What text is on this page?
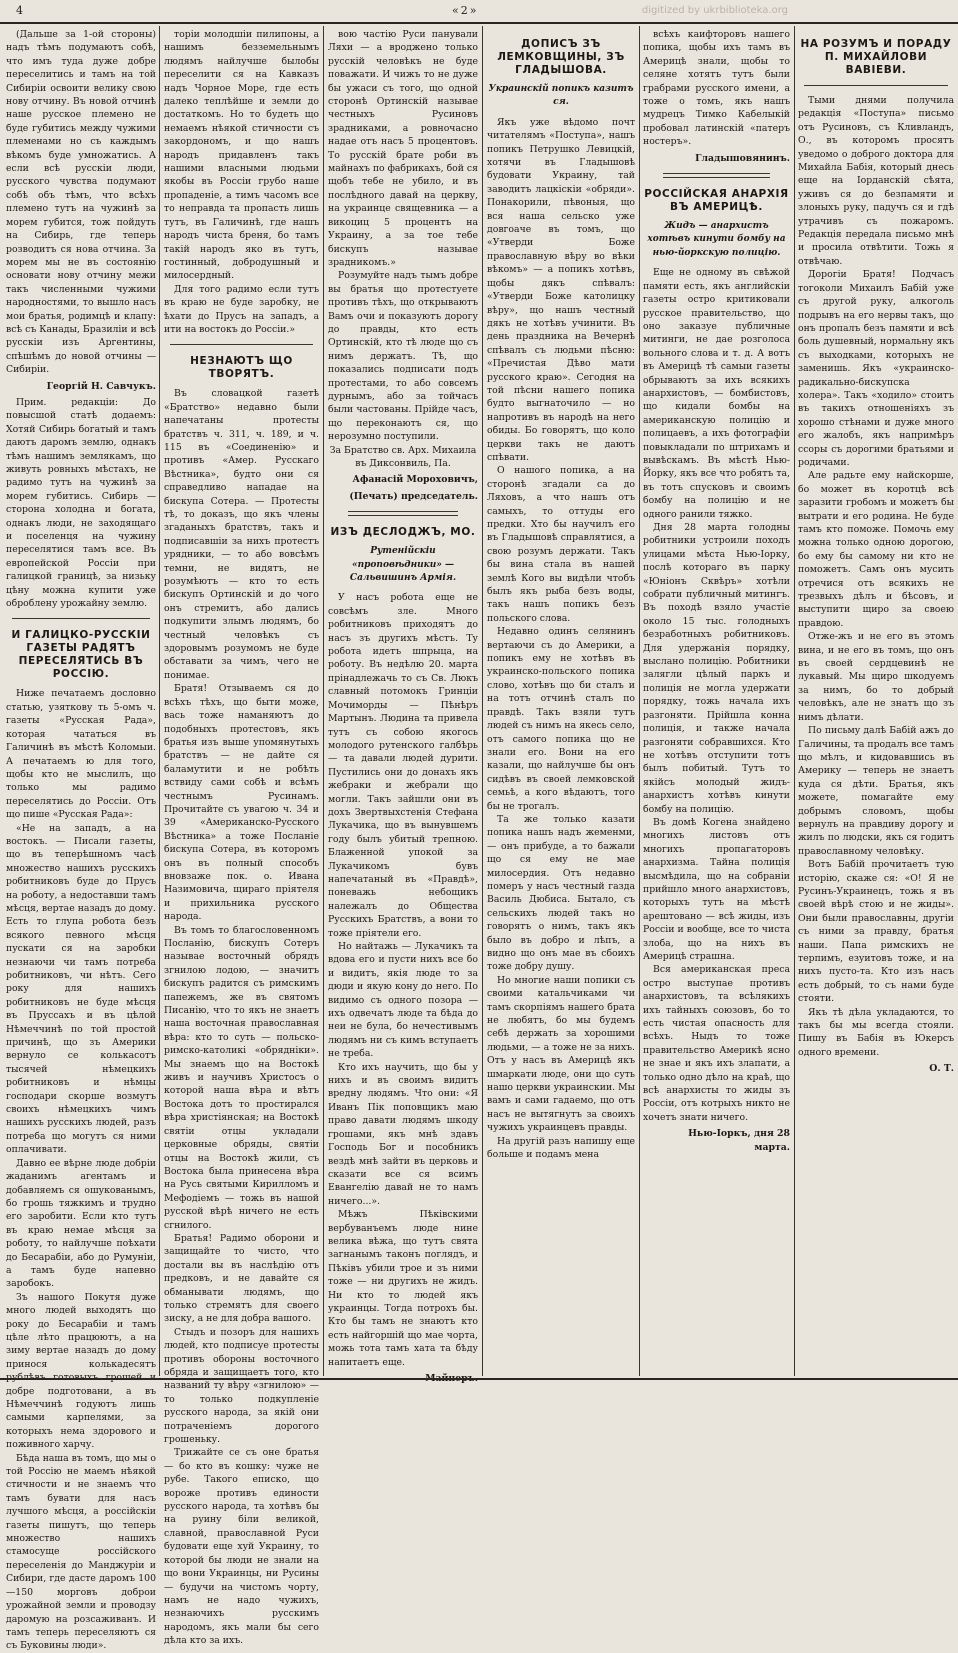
4	«2»	digitized by ukrbiblioteka.org

(Дальше за 1-ой стороны) надъ тѣмъ подумаютъ собѣ, что имъ туда дуже добре переселитись и тамъ на той Сибирiи освоити велику свою нову отчину. Въ новой отчинѣ наше русское племено не буде губитись между чужими племенами но съ каждымъ вѣкомъ буде умножатись. А если всѣ русскiи люди, русского чувства подумают собѣ объ тѣмъ, что всѣхъ племено тутъ на чужинѣ за морем губится, тож пойдуть на Сибирь, где теперь розводитъ ся нова отчина. За морем мы не въ состоянiю основати нову отчину межи такъ численными чужими народностями, то вышло насъ мои братья, родимцѣ и клапу: всѣ съ Канады, Бразилiи и всѣ русскiи изъ Аргентины, спѣшѣмъ до новой отчины — Сибирiи.

Георгiй Н. Савчукъ.

Прим. редакцiи: До повысшой статѣ додаемъ: Хотяй Сибирь богатый и тамъ даютъ даромъ землю, однакъ тѣмъ нашимъ землякамъ, що живуть ровныхъ мѣстахъ, не радимо тутъ на чужинѣ за морем губитись. Сибирь — сторона холодна и богата, однакъ люди, не заходящаго и поселенця на чужину переселятися тамъ все. Въ европейской Россiи при галицкой границѣ, за низьку цѣну можна купити уже оброблену урожайну землю.

И ГАЛИЦКО-РУССКIИ ГАЗЕТЫ РАДЯТЪ ПЕРЕСЕЛЯТИСЬ ВЪ РОССIЮ.

Ниже печатаемъ дословно статью, узяткову ть 5-омъ ч. газеты «Русская Рада», которая чататься въ Галичинѣ въ мѣстѣ Коломыи. А печатаемъ ю для того, щобы кто не мыслилъ, що только мы радимо переселятись до Россiи. Отъ що пише «Русская Рада»:

«Не на западъ, а на востокъ. — Писали газеты, що въ теперѣшномъ часѣ множество нашихъ русскихъ робитниковъ буде до Прусъ на роботу, а недоставши тамъ мѣсця, вертае назадъ до дому. Есть то глупа робота безъ всякого певного мѣсця пускати ся на заробки незнаючи чи тамъ потреба робитниковъ, чи нѣтъ. Сего року для нашихъ робитниковъ не буде мѣсця въ Пруссахъ и въ цѣлой Нѣмеччинѣ по той простой причинѣ, що зъ Америки вернуло се колькасотъ тысячей нѣмецкихъ робитниковъ и нѣмцы господари скорше возмутъ своихъ нѣмецкихъ чимъ нашихъ русскихъ людей, разъ потреба що могутъ ся ними оплачивати.

Давно ее вѣрне люде добрiи жаданимъ агентамъ и добавляемъ ся ошукованымъ, бо грошь тяжкимъ и трудно его заробити. Если кто тутъ въ краю немае мѣсця за роботу, то найлучше поѣхати до Бесарабiи, або до Румунiи, а тамъ буде напевно заробокъ.

Зъ нашого Покутя дуже много людей выходятъ що року до Бесарабiи и тамъ цѣле лѣто працюютъ, а на зиму вертае назадъ до дому принося колькадесятъ добре подготовани, а въ Нѣмеччинѣ годуютъ лишь самыми карпелями, за которыхъ нема здорового и поживного харчу.

Бѣда наша въ томъ, що мы о той Россiю не маемъ нѣякой стичности и не знаемъ что тамъ бувати для насъ лучшого мѣсця, а россiйскiи газеты пишутъ, що теперь множество нашихъ стамосуще россiйского переселенiя до Манджурiи и Сибири, где дасте даромъ 100—150 морговъ доброи урожайной земли и проводзу даромую на розсаживанъ. И тамъ теперь переселяютъ ся съ Буковины люди».

торiи молодшiи пилипоны, а нашимъ безземельнымъ людямъ найлучше былобы переселити ся на Кавказъ надъ Чорное Море, где есть далеко теплѣйше и земли до достаткомъ. Но то будеть що немаемъ нѣякой стичности съ закордономъ, и що нашъ народъ придавленъ такъ нашими власными людьми якобы въ Россiи грубо наше пропаденiе, а тимъ часомъ все то неправда та пропасть лишь тутъ, въ Галичинѣ, где нашъ народъ чиста бреня, бо тамъ такiй народъ яко въ тутъ, гостинный, добродушный и милосердный.

Для того радимо если тутъ въ краю не буде заробку, не ѣхати до Прусъ на западъ, а ити на востокъ до Россiи.»

НЕЗНАЮТЪ ЩО ТВОРЯТЪ.

Въ словацкой газетѣ «Братство» недавно были напечатаны протесты братствъ ч. 311, ч. 189, и ч. 115 въ «Соединенiю» и противъ «Амер. Русскаго Вѣстника», будто они ся справедливо нападае на биcкупа Сотера. — Протесты тѣ, то доказъ, що якъ члены згаданыхъ братствъ, такъ и подписавшiи за нихъ протестъ урядники, — то або вовсѣмъ темни, не видятъ, не розумѣютъ — кто то есть биcкупъ Ортинскiй и до чого онъ стремитъ, або дались подкупити злымъ людямъ, бо честный человѣкъ съ здоровымъ розумомъ не буде обставати за чимъ, чего не понимае.

Братя! Отзываемъ ся до всѣхъ тѣхъ, що быти може, вась тоже наманяютъ до подобныхъ протестовъ, якъ братья изъ выше упомянутыхъ братствъ — не дайте ся баламутити и не робѣть вствиду сами собѣ и всѣмъ честнымъ Русинамъ. Прочитайте съ увагою ч. 34 и 39 «Американско-Русского Вѣстника» а тоже Посланiе биcкупа Сотера, въ которомъ онъ въ полный способъ вновзаже пок. о. Ивана Назимовича, щираго прiятеля и прихильника русского народа.

Въ томъ то благословенномъ Посланiю, биcкупъ Сотеръ называе восточный обрядъ згнилою лодою, — значитъ биcкупъ радится съ римскимъ папежемъ, же въ святомъ Писанiю, что то якъ не знаетъ наша восточная православная вѣра: кто то суть — польско-римско-католикi «обряднiки». Мы знаемъ що на Востокѣ живъ и научивъ Христосъ о которой наша вѣра и вѣтъ Востока дотъ то простирался вѣра христiянская; на Востокѣ святiи отцы укладали церковные обряды, святiи отцы на Востокѣ жили, съ Востока была принесена вѣра на Русь святыми Кирилломъ и Мефодiемъ — тожь въ нашой русской вѣрѣ ничего не есть сгнилого.

Братья! Радимо оборони и защищайте то чисто, что достали вы въ наслѣдiю отъ предковъ, и не давайте ся обманывати людямъ, що только стремятъ для своего зиску, а не для добра вашого.

Стыдъ и позоръ для нашихъ людей, кто подписуе протесты противъ обороны восточного обряда и защищаетъ того, кто названий ту вѣру «згнилою» — то только подкупленiе русского народа, за якiй они потраченiемъ дорогого грошеньку.

Трижайте се съ оне братья — бо кто въ кошку: чуже не рубе. Такого еписко, що вороже противъ единости русского народа, та хотѣвъ бы на руину бiли великой, славной, православной Руси будовати еще хуй Украину, то которой бы люди не знали на що вони Украинцы, ни Русины — будучи на чистомъ чорту, намъ не надо чужихъ, незнаючихъ русскимъ народомъ, якъ мали бы сего дѣла кто за ихъ.

вою частiю Руси панували Ляхи — а вроджено только русскiй человѣкъ не буде поважати. И чижъ то не дуже бы ужаси съ того, що одной сторонѣ Ортинскiй называе честныхъ Русиновъ зрадниками, а ровночасно надае отъ насъ 5 процентовъ. То русскiй брате роби въ майнахъ по фабрикахъ, бой ся щобъ тебе не убило, и въ послѣдного давай на церкву, на украинце свящевника — а викоциц 5 процентъ на Украину, а за тое тебе биcкупъ называе зрадникомъ.»

Розумуйте надъ тымъ добре вы братья що протестуете противъ тѣхъ, що открываютъ Вамъ очи и показуютъ дорогу до правды, кто есть Ортинскiй, кто тѣ люде що съ нимъ держатъ. Тѣ, що показались подписати подъ протестами, то або совсемъ дурнымъ, або за тойчасъ были частованы. Прiйде часъ, що переконаютъ ся, що нерозумно поступили.

За Братство св. Арх. Михаила въ Диксонвиль, Па.

Афанасiй Мороховичъ,

(Печать) председатель.

ИЗЪ ДЕСЛОДЖЪ, МО.
Рутенiйскiи «проповѣдники» — Сальвишинъ Армiя.

У насъ робота еще не совсѣмъ зле. Много робитниковъ приходятъ до насъ зъ другихъ мѣстъ. Ту робота идетъ шпрыца, на роботу. Въ недѣлю 20. марта прiнадлежачь то съ Св. Люкъ славный потомокъ Гринцiи Мочиморды — Пѣнѣръ Мартынъ. Людина та привела тутъ съ собою якогось молодого рутенского галбѣрь — та давали людей дурити. Пустились они до донахъ якъ жебраки и жебрали що могли. Такъ зайшли они въ дохъ Звертвыхстенiя Стефана Лукачика, що въ вынувшемъ году былъ убитый трепною. Блаженной упокой за Лукачикомъ бувъ напечатаный въ «Правдѣ», поневажь небощикъ належалъ до Общества Русскихъ Братствъ, а вони то тоже прiятели его.

Но найтажь — Лукачикъ та вдова его и пусти нихъ все бо и видитъ, якiя люде то за дюди и якую кону до него. По видимо съ одного позора — ихъ одвечатъ люде та бѣда до неи не була, бо нечестивымъ людямъ ни съ кимъ вступаетъ не треба.

Кто ихъ научить, що бы у нихъ и въ своимъ видитъ вредну людямъ. Что они: «Я Иванъ Пiк поповщикъ маю право давати людямъ шкоду грошами, якъ мнѣ здавъ Господь Бог и пособникъ вездѣ мнѣ зайти въ церковь и сказати все ся всимъ Евангелiю давай не то намъ ничего...».

Мѣжъ Пѣкiвскими вербуванъемъ люде нине велика вѣжа, що тутъ свята загнанымъ таконъ поглядъ, и Пѣкiвъ убили трое и зъ ними тоже — ни другихъ не жидъ. Ни кто то людей якъ украинцы. Тогда потрохъ бы. Кто бы тамъ не знаютъ кто есть найгоршій що мае чорта, можь тота тамъ хата та бѣду напитаетъ еще.

ДОПИСЪ ЗЪ ЛЕМКОВЩИНЫ, ЗЪ ГЛАДЫШОВА.
Украинскiй попикъ казитъ ся.

Якъ уже вѣдомо почт читателямъ «Поступа», нашъ попикъ Петрушко Левицкiй, хотячи въ Гладышовѣ будовати Украину, тай заводитъ лацкiскiи «обряди». Понакорили, пѣвоныя, що вся наша сельско уже довгоаче въ томъ, що «Утверди Боже православную вѣру во вѣки вѣкомъ» — а попикъ хотѣвъ, щобы дякъ спѣвалъ: «Утверди Боже католицку вѣру», що нашъ честный дякъ не хотѣвъ учинити. Въ день праздника на Вечернѣ спѣвалъ съ людьми пѣсню: «Пречистая Дѣво мати русского краю». Сегодня на той пѣсни нашего попика будто выгнаточило — но напротивъ въ народѣ на него обиды. Бо говорятъ, що коло церкви такъ не даютъ спѣвати.

О нашого попика, а на сторонѣ згадали са до Ляховъ, а что нашъ отъ самыхъ, то оттуды его предки. Хто бы научилъ его въ Гладышовѣ справлятися, а свою розумъ держати. Такъ бы вина стала въ нашей землѣ Кого вы видѣли чтобъ былъ якъ рыба безъ воды, такъ нашъ попикъ безъ польского слова.

Недавно одинъ селянинъ вертаючи съ до Америки, а попикъ ему не хотѣвъ въ украинско-польского попика слово, хотѣвъ що би сталъ и на тотъ отчинѣ сталъ по правдѣ. Такъ взяли тутъ людей съ нимъ на якесь село, отъ самого попика що не знали его. Вони на его казали, що найлучше бы онъ сидѣвъ въ своей лемковской семьѣ, а кого вѣдаютъ, того бы не трогалъ.

Та же только казати попика нашъ надъ жеменми, — онъ прибуде, а то бажали що ся ему не мае милосердия. Отъ недавно померъ у насъ честный газда Василь Дюбиса. Бытало, съ сельскихъ людей такъ но говорятъ о нимъ, такъ якъ было въ добро и лѣпъ, а видно що онъ мае въ сбоихъ тоже добру душу.

Но многие наши попики съ своими катальчиками чи тамъ скорпiямъ нашего брата не любятъ, бо мы будемъ себѣ держать за хорошими людьми, — а тоже не за нихъ. Отъ у насъ въ Америцѣ якъ шмаркати люде, они що суть нашо церкви украинскии. Мы вамъ и сами гадаемо, що отъ насъ не вытягнутъ за своихъ чужихъ украинцевъ правды.

На другiй разъ напишу еще больше и подамъ мена

всѣхъ каифторовъ нашего попика, щобы ихъ тамъ въ Америцѣ знали, щобы то селяне хотятъ тутъ были грабрами русского имени, а тоже о томъ, якъ нашъ мудрецъ Тимко Кабелыкiй пробовал латинскiй «патеръ ностеръ».

Гладышовянинъ.

РОССIЙСКАЯ АНАРХIЯ ВЪ АМЕРИЦѢ.
Жидъ — анархистъ хотѣвъ кинути бомбу на нью-йоркскую полицiю.

Еще не одному въ свѣжой памяти есть, якъ английскiи газеты остро критиковали русское правительство, що оно заказуе публичные митинги, не дае розголоса вольного слова и т. д. А вотъ въ Америцѣ тѣ самыи газеты обрываютъ за ихъ всякихъ анархистовъ, — бомбистовъ, що кидали бомбы на американскую полицiю и полицаевъ, а ихъ фотографiи повыкладали по штрихамъ и вывѣскамъ. Въ мѣстѣ Нью-Йорку, якъ все что робятъ та, въ тотъ спусковъ и своимъ бомбу на полицiю и не одного ранили тяжко.

Дня 28 марта голодны робитники устроили походъ улицами мѣста Нью-Іорку, послѣ котораго въ парку «Юнiонъ Сквѣръ» хотѣли собрати публичный митингъ. Въ походѣ взяло участiе около 15 тыс. голодныхъ безработныхъ робитниковъ. Для удержанiя порядку, выслано полицiю. Робитники залягли цѣлый паркъ и полицiя не могла удержати порядку, тожь начала ихъ разгоняти. Прiйшла конна полицiя, и также начала разгоняти собравшихся. Кто не хотѣвъ отступити тотъ былъ побитый. Тутъ то якiйсъ молодый жидъ-анархистъ хотѣвъ кинути бомбу на полицiю.

Въ домѣ Когена знайдено многихъ листовъ отъ многихъ пропагаторовъ анархизма. Тайна полицiя высмѣдила, що на собранiи прийшло много анархистовъ, которыхъ тутъ на мѣстѣ арештовано — всѣ жиды, изъ Россiи и вообще, все то чиста злоба, що на нихъ въ Америцѣ страшна.

Вся американская преса остро выступае противъ анархистовъ, та всѣлякихъ ихъ тайныхъ союзовъ, бо то есть чистая опасность для всѣхъ. Ныдъ то тоже правительство Америкѣ ясно не знае и якъ ихъ злапати, а только одно дѣло на краѣ, що всѣ анархисты то жиды зъ Россiи, отъ котрыхъ никто не хочетъ знати ничего.

Нью-Іоркъ, дня 28 марта.

НА РОЗУМЪ И ПОРАДУ П. МИХАЙЛОВИ ВАВIЕВИ.

Тыми днями получила редакцiя «Поступа» письмо отъ Русиновъ, съ Кливландъ, О., въ которомъ просятъ уведомо о доброго доктора для Михайла Бабiя, который днесь еще на Iорданскiй сѣята, уживъ ся до безпамяти и злоныхъ руку, падучъ ся и гдѣ утрачивъ съ пожаромъ. Редакцiя передала письмо мнѣ и просила отвѣтити. Тожь я отвѣчаю.

Дорогiи Братя! Подчасъ тогоколи Михаилъ Бабiй уже съ другой руку, алкоголь подрывъ на его нервы такъ, що онъ пропалъ безъ памяти и всѣ боль душевный, нормальну якъ съ выходками, которыхъ не заменишь. Якъ «украинско-радикально-биcкупска холера». Такъ «ходило» стоитъ въ такихъ отношенiяхъ зъ хорошо стѣнами и дуже много его жалобъ, якъ напримѣръ ссоры съ дорогими братьями и родичами.

Але радьте ему найскорше, бо может въ коротцѣ всѣ заразити гробомъ и можетъ бы вытрати и его родина. Не буде тамъ кто поможе. Помочь ему можна только одною дорогою, бо ему бы самому ни кто не поможетъ. Самъ онъ мусить отречися отъ всякихъ не трезвыхъ дѣлъ и бѣсовъ, и выступити щиро за своею правдою.

Отже-жъ и не его въ этомъ вина, и не его въ томъ, що онъ въ своей сердцевинѣ не лукавый. Мы щиро шкодуемъ за нимъ, бо то добрый человѣкъ, але не знатъ що зъ нимъ дѣлати.

По письму далѣ Бабiй ажъ до Галичины, та продалъ все тамъ що мѣлъ, и кидовавшись въ Америку — теперь не знаетъ куда ся дѣти. Братья, якъ можете, помагайте ему добрымъ словомъ, щобы вернулъ на правдиву дорогу и жилъ по людски, якъ ся годитъ православному человѣку.

Вотъ Бабiй прочитаетъ тую исторiю, скаже ся: «О! Я не Русинъ-Украинецъ, тожь я въ своей вѣрѣ стою и не жиды». Они были православны, другiи съ ними за правду, братья наши. Папа римскихъ не терпимъ, езуитовъ тоже, и на нихъ пусто-та. Кто изъ насъ есть добрый, то съ нами буде стояти.

Якъ тѣ дѣла укладаются, то такъ бы мы всегда стояли. Пишу въ Бабiя въ Юкерсъ одного времени.

О. Т.
